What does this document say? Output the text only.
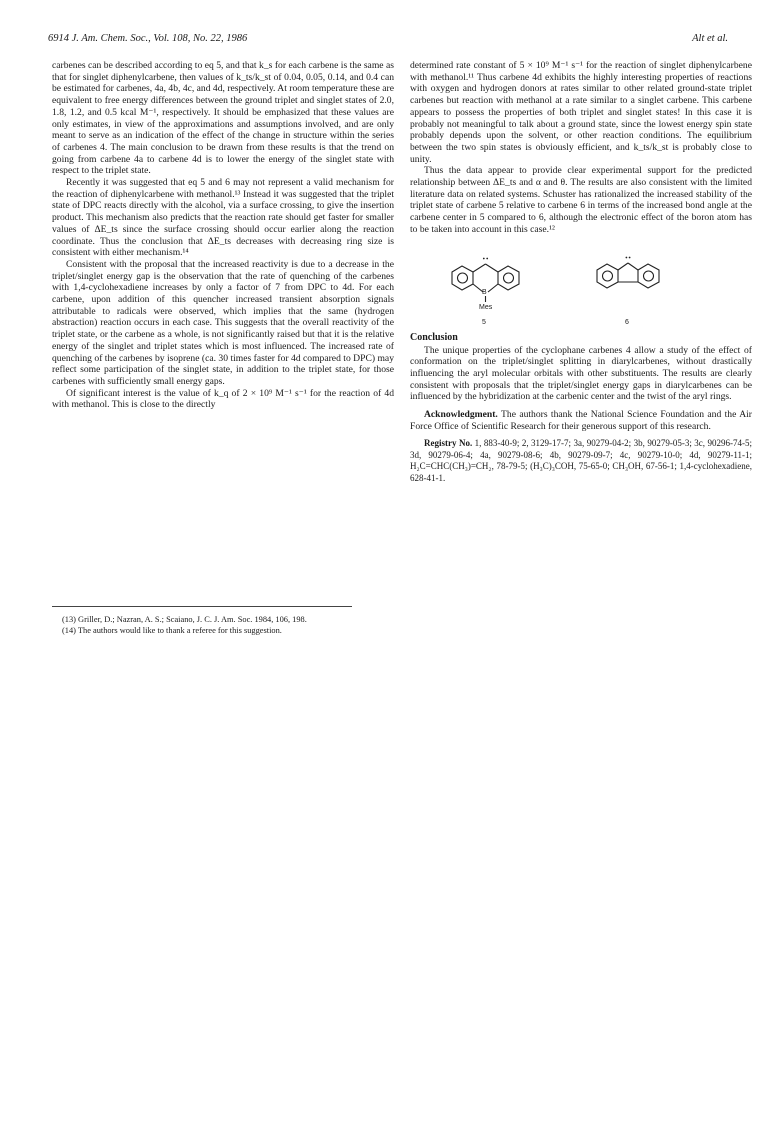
6914 J. Am. Chem. Soc., Vol. 108, No. 22, 1986	Alt et al.

carbenes can be described according to eq 5, and that k_s for each carbene is the same as that for singlet diphenylcarbene, then values of k_ts/k_st of 0.04, 0.05, 0.14, and 0.4 can be estimated for carbenes, 4a, 4b, 4c, and 4d, respectively. At room temperature these are equivalent to free energy differences between the ground triplet and singlet states of 2.0, 1.8, 1.2, and 0.5 kcal M⁻¹, respectively. It should be emphasized that these values are only estimates, in view of the approximations and assumptions involved, and are only meant to serve as an indication of the effect of the change in structure within the series of carbenes 4. The main conclusion to be drawn from these results is that the trend on going from carbene 4a to carbene 4d is to lower the energy of the singlet state with respect to the triplet state.

Recently it was suggested that eq 5 and 6 may not represent a valid mechanism for the reaction of diphenylcarbene with methanol.¹³ Instead it was suggested that the triplet state of DPC reacts directly with the alcohol, via a surface crossing, to give the insertion product. This mechanism also predicts that the reaction rate should get faster for smaller values of ΔE_ts since the surface crossing should occur earlier along the reaction coordinate. Thus the conclusion that ΔE_ts decreases with decreasing ring size is consistent with either mechanism.¹⁴

Consistent with the proposal that the increased reactivity is due to a decrease in the triplet/singlet energy gap is the observation that the rate of quenching of the carbenes with 1,4-cyclohexadiene increases by only a factor of 7 from DPC to 4d. For each carbene, upon addition of this quencher increased transient absorption signals attributable to radicals were observed, which implies that the same (hydrogen abstraction) reaction occurs in each case. This suggests that the overall reactivity of the triplet state, or the carbene as a whole, is not significantly raised but that it is the relative energy of the singlet and triplet states which is most influenced. The increased rate of quenching of the carbenes by isoprene (ca. 30 times faster for 4d compared to DPC) may reflect some participation of the singlet state, in addition to the triplet state, for those carbenes with sufficiently small energy gaps.

Of significant interest is the value of k_q of 2 × 10⁹ M⁻¹ s⁻¹ for the reaction of 4d with methanol. This is close to the directly

(13) Griller, D.; Nazran, A. S.; Scaiano, J. C. J. Am. Soc. 1984, 106, 198.
(14) The authors would like to thank a referee for this suggestion.

determined rate constant of 5 × 10⁹ M⁻¹ s⁻¹ for the reaction of singlet diphenylcarbene with methanol.¹¹ Thus carbene 4d exhibits the highly interesting properties of reactions with oxygen and hydrogen donors at rates similar to other related ground-state triplet carbenes but reaction with methanol at a rate similar to a singlet carbene. This carbene appears to possess the properties of both triplet and singlet states! In this case it is probably not meaningful to talk about a ground state, since the lowest energy spin state probably depends upon the solvent, or other reaction conditions. The equilibrium between the two spin states is obviously efficient, and k_ts/k_st is probably close to unity.

Thus the data appear to provide clear experimental support for the predicted relationship between ΔE_ts and α and θ. The results are also consistent with the limited literature data on related systems. Schuster has rationalized the increased stability of the triplet state of carbene 5 relative to carbene 6 in terms of the increased bond angle at the carbene center in 5 compared to 6, although the electronic effect of the boron atom has to be taken into account in this case.¹²

B
Mes
5	6
Conclusion

The unique properties of the cyclophane carbenes 4 allow a study of the effect of conformation on the triplet/singlet splitting in diarylcarbenes, without drastically influencing the aryl molecular orbitals with other substituents. The results are clearly consistent with proposals that the triplet/singlet energy gaps in diarylcarbenes can be influenced by the hybridization at the carbenic center and the twist of the aryl rings.

Acknowledgment. The authors thank the National Science Foundation and the Air Force Office of Scientific Research for their generous support of this research.

Registry No. 1, 883-40-9; 2, 3129-17-7; 3a, 90279-04-2; 3b, 90279-05-3; 3c, 90296-74-5; 3d, 90279-06-4; 4a, 90279-08-6; 4b, 90279-09-7; 4c, 90279-10-0; 4d, 90279-11-1; H₂C=CHC(CH₃)=CH₂, 78-79-5; (H₃C)₃COH, 75-65-0; CH₃OH, 67-56-1; 1,4-cyclohexadiene, 628-41-1.
